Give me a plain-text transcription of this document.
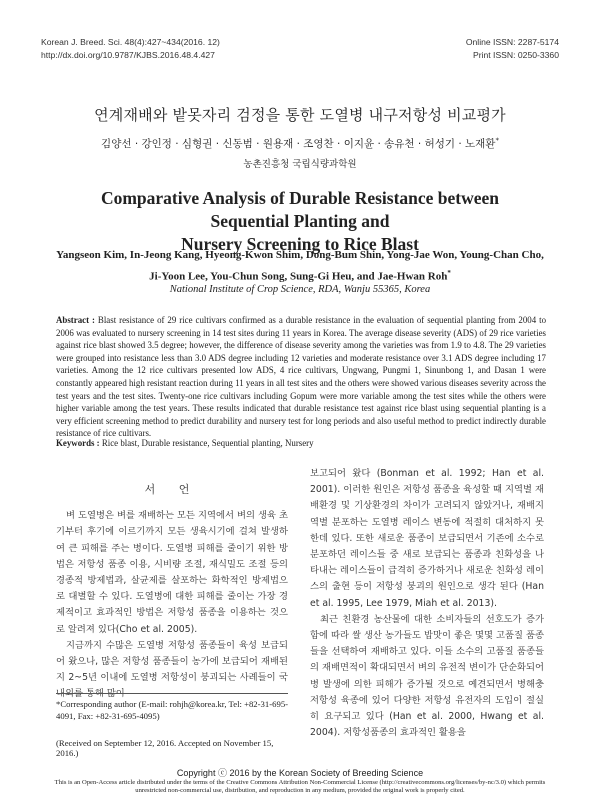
Korean J. Breed. Sci. 48(4):427~434(2016. 12)
http://dx.doi.org/10.9787/KJBS.2016.48.4.427
Online ISSN: 2287-5174
Print ISSN: 0250-3360
연계재배와 밭못자리 검정을 통한 도열병 내구저항성 비교평가
김양선 · 강인정 · 심형권 · 신동범 · 원용재 · 조영찬 · 이지윤 · 송유천 · 허성기 · 노재환*
농촌진흥청 국립식량과학원
Comparative Analysis of Durable Resistance between Sequential Planting and
Nursery Screening to Rice Blast
Yangseon Kim, In-Jeong Kang, Hyeong-Kwon Shim, Dong-Bum Shin, Yong-Jae Won, Young-Chan Cho,
Ji-Yoon Lee, You-Chun Song, Sung-Gi Heu, and Jae-Hwan Roh*
National Institute of Crop Science, RDA, Wanju 55365, Korea
Abstract : Blast resistance of 29 rice cultivars confirmed as a durable resistance in the evaluation of sequential planting from 2004 to 2006 was evaluated to nursery screening in 14 test sites during 11 years in Korea. The average disease severity (ADS) of 29 rice varieties against rice blast showed 3.5 degree; however, the difference of disease severity among the varieties was from 1.9 to 4.8. The 29 varieties were grouped into resistance less than 3.0 ADS degree including 12 varieties and moderate resistance over 3.1 ADS degree including 17 varieties. Among the 12 rice cultivars presented low ADS, 4 rice cultivars, Ungwang, Pungmi 1, Sinunbong 1, and Dasan 1 were constantly appeared high resistant reaction during 11 years in all test sites and the others were showed various diseases severity across the test years and the test sites. Twenty-one rice cultivars including Gopum were more variable among the test sites while the others were higher variable among the test years. These results indicated that durable resistance test against rice blast using sequential planting is a very efficient screening method to predict durability and nursery test for long periods and also useful method to predict indirectly durable resistance of rice cultivars.
Keywords : Rice blast, Durable resistance, Sequential planting, Nursery
서 언

벼 도열병은 벼를 재배하는 모든 지역에서 벼의 생육 초기부터 후기에 이르기까지 모든 생육시기에 걸쳐 발생하여 큰 피해를 주는 병이다. 도열병 피해를 줄이기 위한 방법은 저항성 품종 이용, 시비량 조절, 재식밀도 조절 등의 경종적 방제법과, 살균제를 살포하는 화학적인 방제법으로 대별할 수 있다. 도열병에 대한 피해를 줄이는 가장 경제적이고 효과적인 방법은 저항성 품종을 이용하는 것으로 알려져 있다(Cho et al. 2005).

지금까지 수많은 도열병 저항성 품종들이 육성 보급되어 왔으나, 많은 저항성 품종들이 농가에 보급되어 재배된 지 2~5년 이내에 도열병 저항성이 붕괴되는 사례들이 국내외를 통해 많이

보고되어 왔다 (Bonman et al. 1992; Han et al. 2001). 이러한 원인은 저항성 품종을 육성할 때 지역별 재배환경 및 기상환경의 차이가 고려되지 않았거나, 재배지역별 분포하는 도열병 레이스 변동에 적절히 대처하지 못한데 있다. 또한 새로운 품종이 보급되면서 기존에 소수로 분포하던 레이스들 중 새로 보급되는 품종과 친화성을 나타내는 레이스들이 급격히 증가하거나 새로운 친화성 레이스의 출현 등이 저항성 붕괴의 원인으로 생각 된다 (Han et al. 1995, Lee 1979, Miah et al. 2013).

최근 친환경 농산물에 대한 소비자들의 선호도가 증가함에 따라 쌀 생산 농가들도 밥맛이 좋은 몇몇 고품질 품종들을 선택하여 재배하고 있다. 이들 소수의 고품질 품종들의 재배면적이 확대되면서 벼의 유전적 변이가 단순화되어 병 발생에 의한 피해가 증가될 것으로 예견되면서 병해충 저항성 육종에 있어 다양한 저항성 유전자의 도입이 절실히 요구되고 있다 (Han et al. 2000, Hwang et al. 2004). 저항성품종의 효과적인 활용을

*Corresponding author (E-mail: rohjh@korea.kr, Tel: +82-31-695-4091, Fax: +82-31-695-4095)
(Received on September 12, 2016. Accepted on November 15, 2016.)
Copyright ⓒ 2016 by the Korean Society of Breeding Science
This is an Open-Access article distributed under the terms of the Creative Commons Attribution Non-Commercial License (http://creativecommons.org/licenses/by-nc/3.0) which permits unrestricted non-commercial use, distribution, and reproduction in any medium, provided the original work is properly cited.
